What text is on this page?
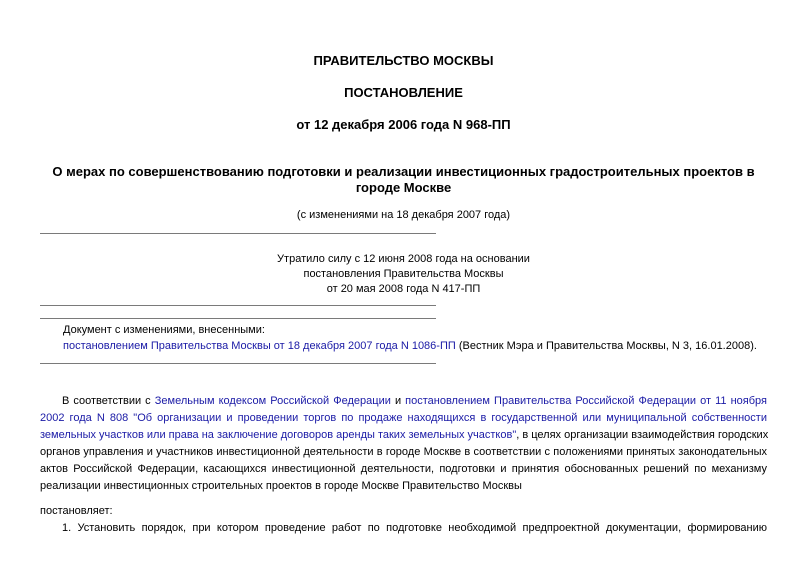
ПРАВИТЕЛЬСТВО МОСКВЫ
ПОСТАНОВЛЕНИЕ
от 12 декабря 2006 года N 968-ПП
О мерах по совершенствованию подготовки и реализации инвестиционных градостроительных проектов в
городе Москве
(с изменениями на 18 декабря 2007 года)
Утратило силу с 12 июня 2008 года на основании
постановления Правительства Москвы
от 20 мая 2008 года N 417-ПП
Документ с изменениями, внесенными:
постановлением Правительства Москвы от 18 декабря 2007 года N 1086-ПП (Вестник Мэра и Правительства Москвы, N 3, 16.01.2008).
В соответствии с Земельным кодексом Российской Федерации и постановлением Правительства Российской Федерации от 11 ноября
2002 года N 808 "Об организации и проведении торгов по продаже находящихся в государственной или муниципальной собственности
земельных участков или права на заключение договоров аренды таких земельных участков", в целях организации взаимодействия городских
органов управления и участников инвестиционной деятельности в городе Москве в соответствии с положениями принятых законодательных
актов Российской Федерации, касающихся инвестиционной деятельности, подготовки и принятия обоснованных решений по механизму
реализации инвестиционных строительных проектов в городе Москве Правительство Москвы
постановляет:
1. Установить порядок, при котором проведение работ по подготовке необходимой предпроектной документации, формированию
